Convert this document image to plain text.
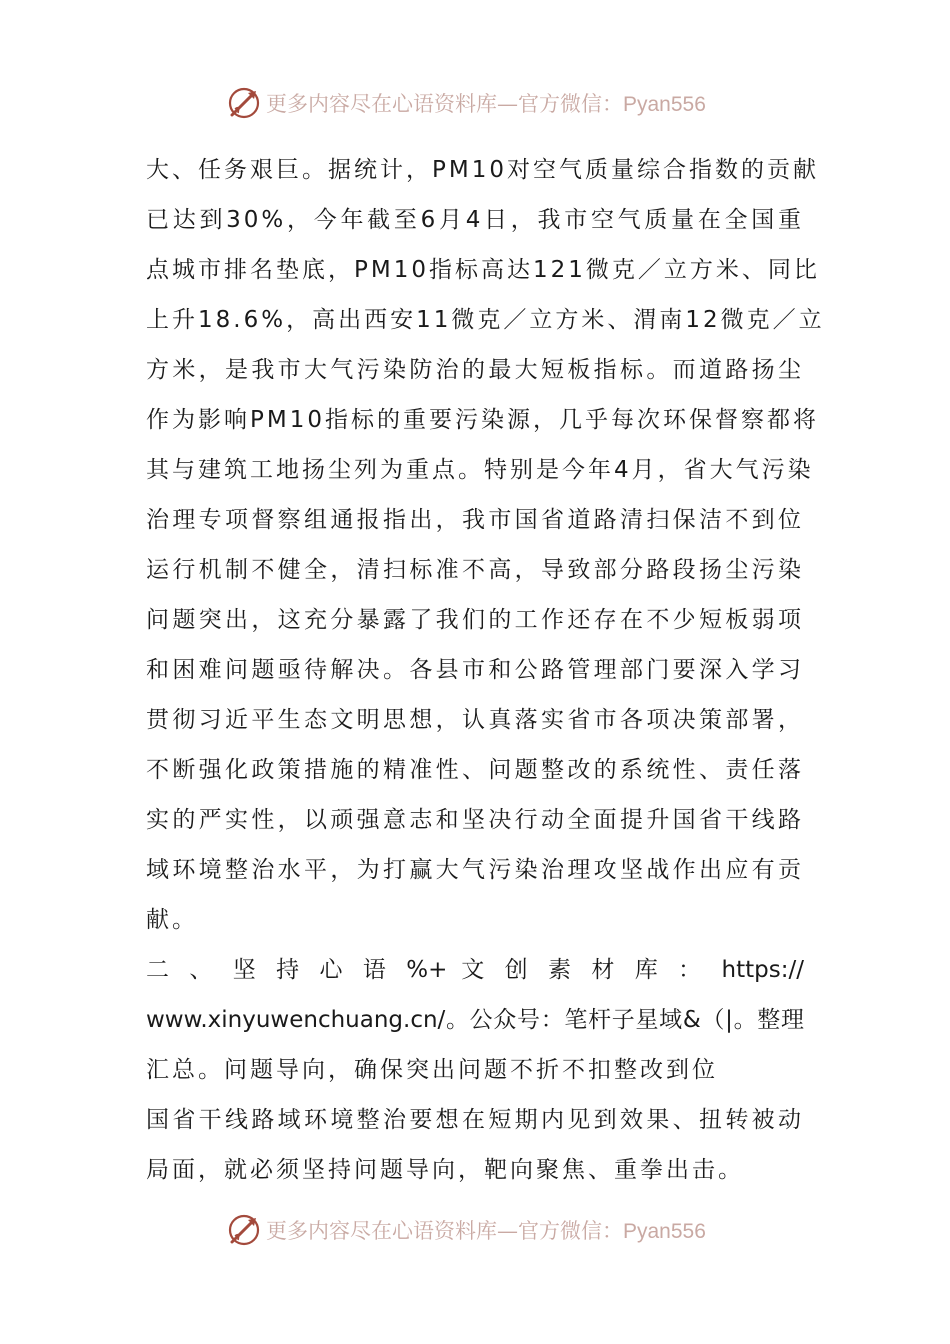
更多内容尽在心语资料库—官方微信：Pyan556
大、任务艰巨。据统计，PM10对空气质量综合指数的贡献
已达到30%，今年截至6月4日，我市空气质量在全国重
点城市排名垫底，PM10指标高达121微克／立方米、同比
上升18.6%，高出西安11微克／立方米、渭南12微克／立
方米，是我市大气污染防治的最大短板指标。而道路扬尘
作为影响PM10指标的重要污染源，几乎每次环保督察都将
其与建筑工地扬尘列为重点。特别是今年4月，省大气污染
治理专项督察组通报指出，我市国省道路清扫保洁不到位
运行机制不健全，清扫标准不高，导致部分路段扬尘污染
问题突出，这充分暴露了我们的工作还存在不少短板弱项
和困难问题亟待解决。各县市和公路管理部门要深入学习
贯彻习近平生态文明思想，认真落实省市各项决策部署，
不断强化政策措施的精准性、问题整改的系统性、责任落
实的严实性，以顽强意志和坚决行动全面提升国省干线路
域环境整治水平，为打赢大气污染治理攻坚战作出应有贡
献。
二 、 坚 持 心 语 %+ 文 创 素 材 库 ： https://
www.xinyuwenchuang.cn/。公众号：笔杆子星域&（|。整理
汇总。问题导向，确保突出问题不折不扣整改到位
国省干线路域环境整治要想在短期内见到效果、扭转被动
局面，就必须坚持问题导向，靶向聚焦、重拳出击。
更多内容尽在心语资料库—官方微信：Pyan556
